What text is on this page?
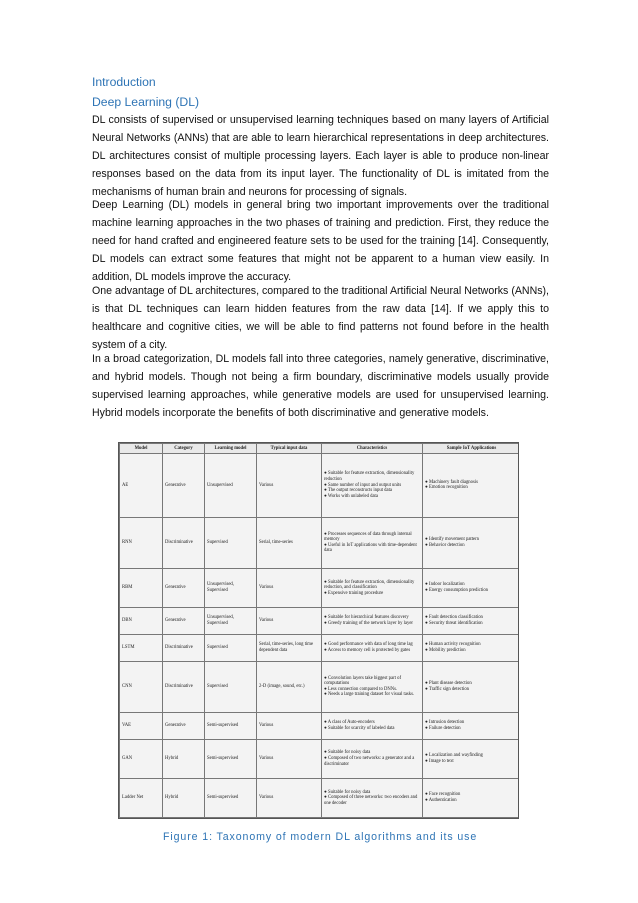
Introduction
Deep Learning (DL)

DL consists of supervised or unsupervised learning techniques based on many layers of Artificial Neural Networks (ANNs) that are able to learn hierarchical representations in deep architectures. DL architectures consist of multiple processing layers. Each layer is able to produce non-linear responses based on the data from its input layer. The functionality of DL is imitated from the mechanisms of human brain and neurons for processing of signals.

Deep Learning (DL) models in general bring two important improvements over the traditional machine learning approaches in the two phases of training and prediction. First, they reduce the need for hand crafted and engineered feature sets to be used for the training [14]. Consequently, DL models can extract some features that might not be apparent to a human view easily. In addition, DL models improve the accuracy.

One advantage of DL architectures, compared to the traditional Artificial Neural Networks (ANNs), is that DL techniques can learn hidden features from the raw data [14]. If we apply this to healthcare and cognitive cities, we will be able to find patterns not found before in the health system of a city.

In a broad categorization, DL models fall into three categories, namely generative, discriminative, and hybrid models. Though not being a firm boundary, discriminative models usually provide supervised learning approaches, while generative models are used for unsupervised learning. Hybrid models incorporate the benefits of both discriminative and generative models.

Model	Category	Learning model	Typical input data	Characteristics	Sample IoT Applications
AE	Generative	Unsupervised	Various	● Suitable for feature extraction, dimensionality reduction
● Same number of input and output units
● The output reconstructs input data
● Works with unlabeled data	● Machinery fault diagnosis
● Emotion recognition

RNN	Discriminative	Supervised	Serial, time-series	● Processes sequences of data through internal memory
● Useful in IoT applications with time-dependent data	● Identify movement pattern
● Behavior detection

RBM	Generative	Unsupervised, Supervised	Various	● Suitable for feature extraction, dimensionality reduction, and classification
● Expensive training procedure	● Indoor localization
● Energy consumption prediction

DBN	Generative	Unsupervised, Supervised	Various	● Suitable for hierarchical features discovery
● Greedy training of the network layer by layer	● Fault detection classification
● Security threat identification

LSTM	Discriminative	Supervised	Serial, time-series, long time dependent data	● Good performance with data of long time lag
● Access to memory cell is protected by gates	● Human activity recognition
● Mobility prediction

CNN	Discriminative	Supervised	2-D (image, sound, etc.)	● Convolution layers take biggest part of computations
● Less connection compared to DNNs.
● Needs a large training dataset for visual tasks.	● Plant disease detection
● Traffic sign detection

VAE	Generative	Semi-supervised	Various	● A class of Auto-encoders
● Suitable for scarcity of labeled data	● Intrusion detection
● Failure detection

GAN	Hybrid	Semi-supervised	Various	● Suitable for noisy data
● Composed of two networks: a generator and a discriminator	● Localization and wayfinding
● Image to text

Ladder Net	Hybrid	Semi-supervised	Various	● Suitable for noisy data
● Composed of three networks: two encoders and one decoder	● Face recognition
● Authentication
Figure 1: Taxonomy of modern DL algorithms and its use
